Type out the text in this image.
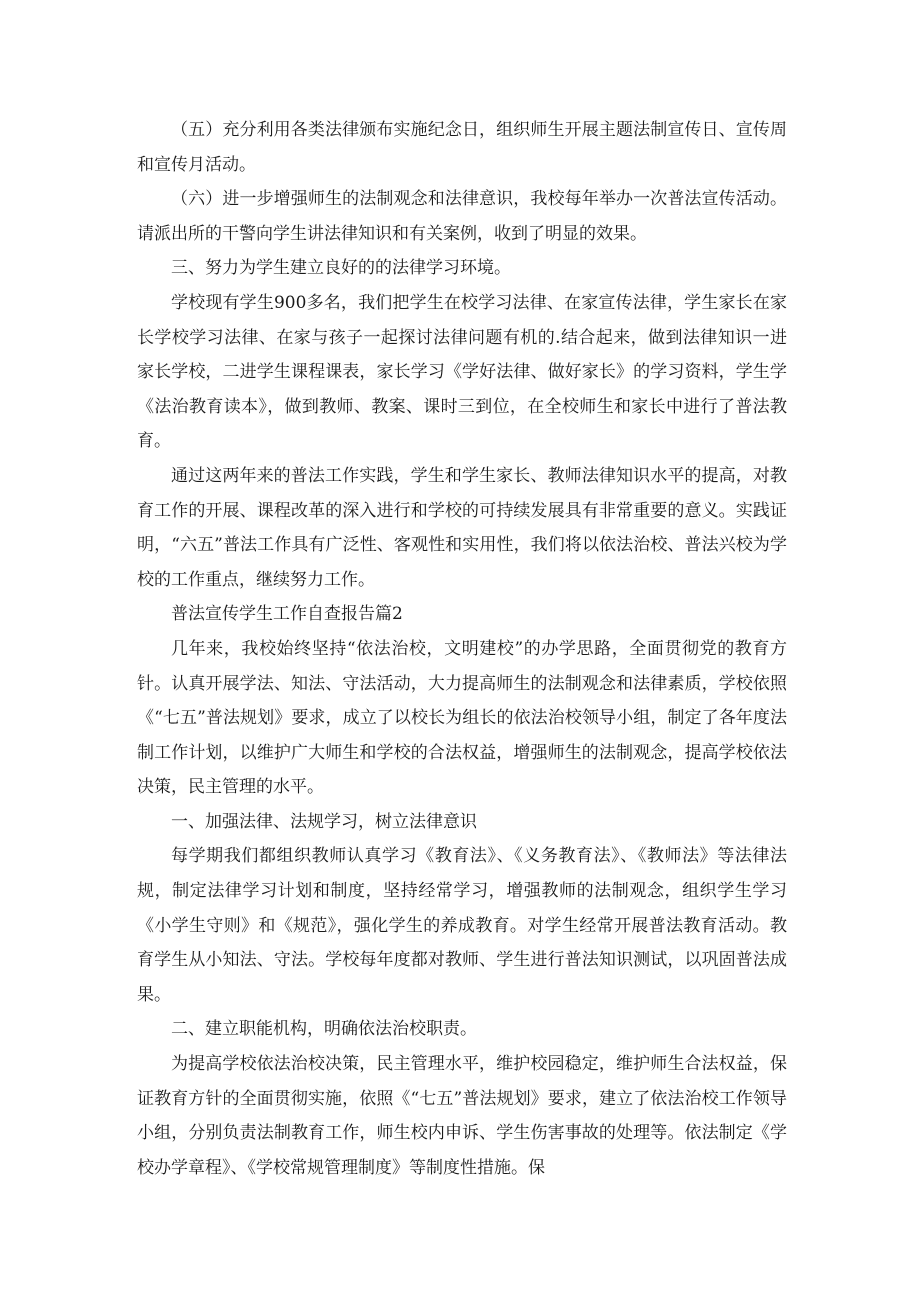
（五）充分利用各类法律颁布实施纪念日，组织师生开展主题法制宣传日、宣传周和宣传月活动。

（六）进一步增强师生的法制观念和法律意识，我校每年举办一次普法宣传活动。请派出所的干警向学生讲法律知识和有关案例，收到了明显的效果。

三、努力为学生建立良好的的法律学习环境。

学校现有学生900多名，我们把学生在校学习法律、在家宣传法律，学生家长在家长学校学习法律、在家与孩子一起探讨法律问题有机的.结合起来，做到法律知识一进家长学校，二进学生课程课表，家长学习《学好法律、做好家长》的学习资料，学生学《法治教育读本》，做到教师、教案、课时三到位，在全校师生和家长中进行了普法教育。

通过这两年来的普法工作实践，学生和学生家长、教师法律知识水平的提高，对教育工作的开展、课程改革的深入进行和学校的可持续发展具有非常重要的意义。实践证明，“六五”普法工作具有广泛性、客观性和实用性，我们将以依法治校、普法兴校为学校的工作重点，继续努力工作。

普法宣传学生工作自查报告篇2

几年来，我校始终坚持“依法治校，文明建校”的办学思路，全面贯彻党的教育方针。认真开展学法、知法、守法活动，大力提高师生的法制观念和法律素质，学校依照《“七五”普法规划》要求，成立了以校长为组长的依法治校领导小组，制定了各年度法制工作计划，以维护广大师生和学校的合法权益，增强师生的法制观念，提高学校依法决策，民主管理的水平。

一、加强法律、法规学习，树立法律意识

每学期我们都组织教师认真学习《教育法》、《义务教育法》、《教师法》等法律法规，制定法律学习计划和制度，坚持经常学习，增强教师的法制观念，组织学生学习《小学生守则》和《规范》，强化学生的养成教育。对学生经常开展普法教育活动。教育学生从小知法、守法。学校每年度都对教师、学生进行普法知识测试，以巩固普法成果。

二、建立职能机构，明确依法治校职责。

为提高学校依法治校决策，民主管理水平，维护校园稳定，维护师生合法权益，保证教育方针的全面贯彻实施，依照《“七五”普法规划》要求，建立了依法治校工作领导小组，分别负责法制教育工作，师生校内申诉、学生伤害事故的处理等。依法制定《学校办学章程》、《学校常规管理制度》等制度性措施。保
